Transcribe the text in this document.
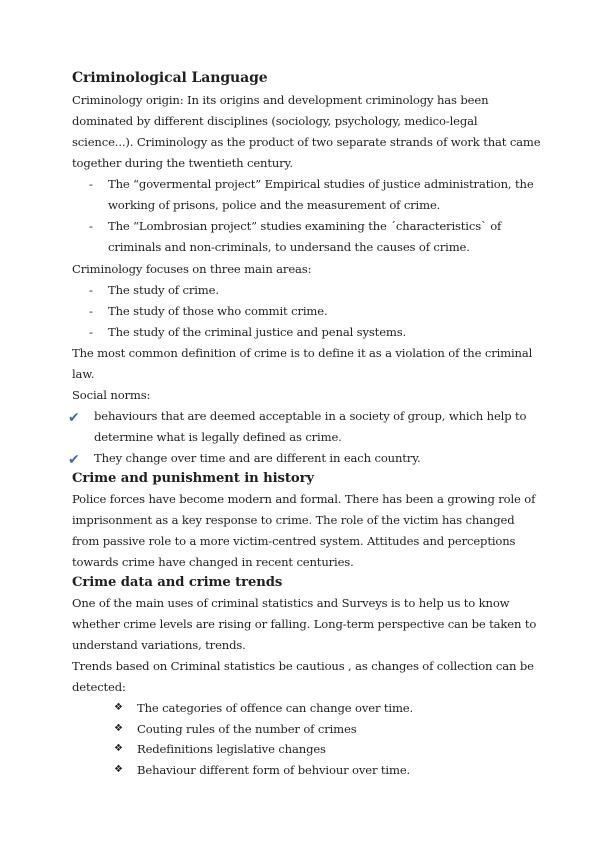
Criminological Language

Criminology origin: In its origins and development criminology has been dominated by different disciplines (sociology, psychology, medico-legal science...). Criminology as the product of two separate strands of work that came together during the twentieth century.

- The “govermental project” Empirical studies of justice administration, the working of prisons, police and the measurement of crime.
- The “Lombrosian project” studies examining the ´characteristics` of criminals and non-criminals, to undersand the causes of crime.

Criminology focuses on three main areas:

- The study of crime.
- The study of those who commit crime.
- The study of the criminal justice and penal systems.

The most common definition of crime is to define it as a violation of the criminal law.

Social norms:

✔ behaviours that are deemed acceptable in a society of group, which help to determine what is legally defined as crime.
✔ They change over time and are different in each country.
Crime and punishment in history

Police forces have become modern and formal. There has been a growing role of imprisonment as a key response to crime. The role of the victim has changed from passive role to a more victim-centred system. Attitudes and perceptions towards crime have changed in recent centuries.

Crime data and crime trends

One of the main uses of criminal statistics and Surveys is to help us to know whether crime levels are rising or falling. Long-term perspective can be taken to understand variations, trends.

Trends based on Criminal statistics be cautious , as changes of collection can be detected:

❖ The categories of offence can change over time.
❖ Couting rules of the number of crimes
❖ Redefinitions legislative changes
❖ Behaviour different form of behviour over time.
